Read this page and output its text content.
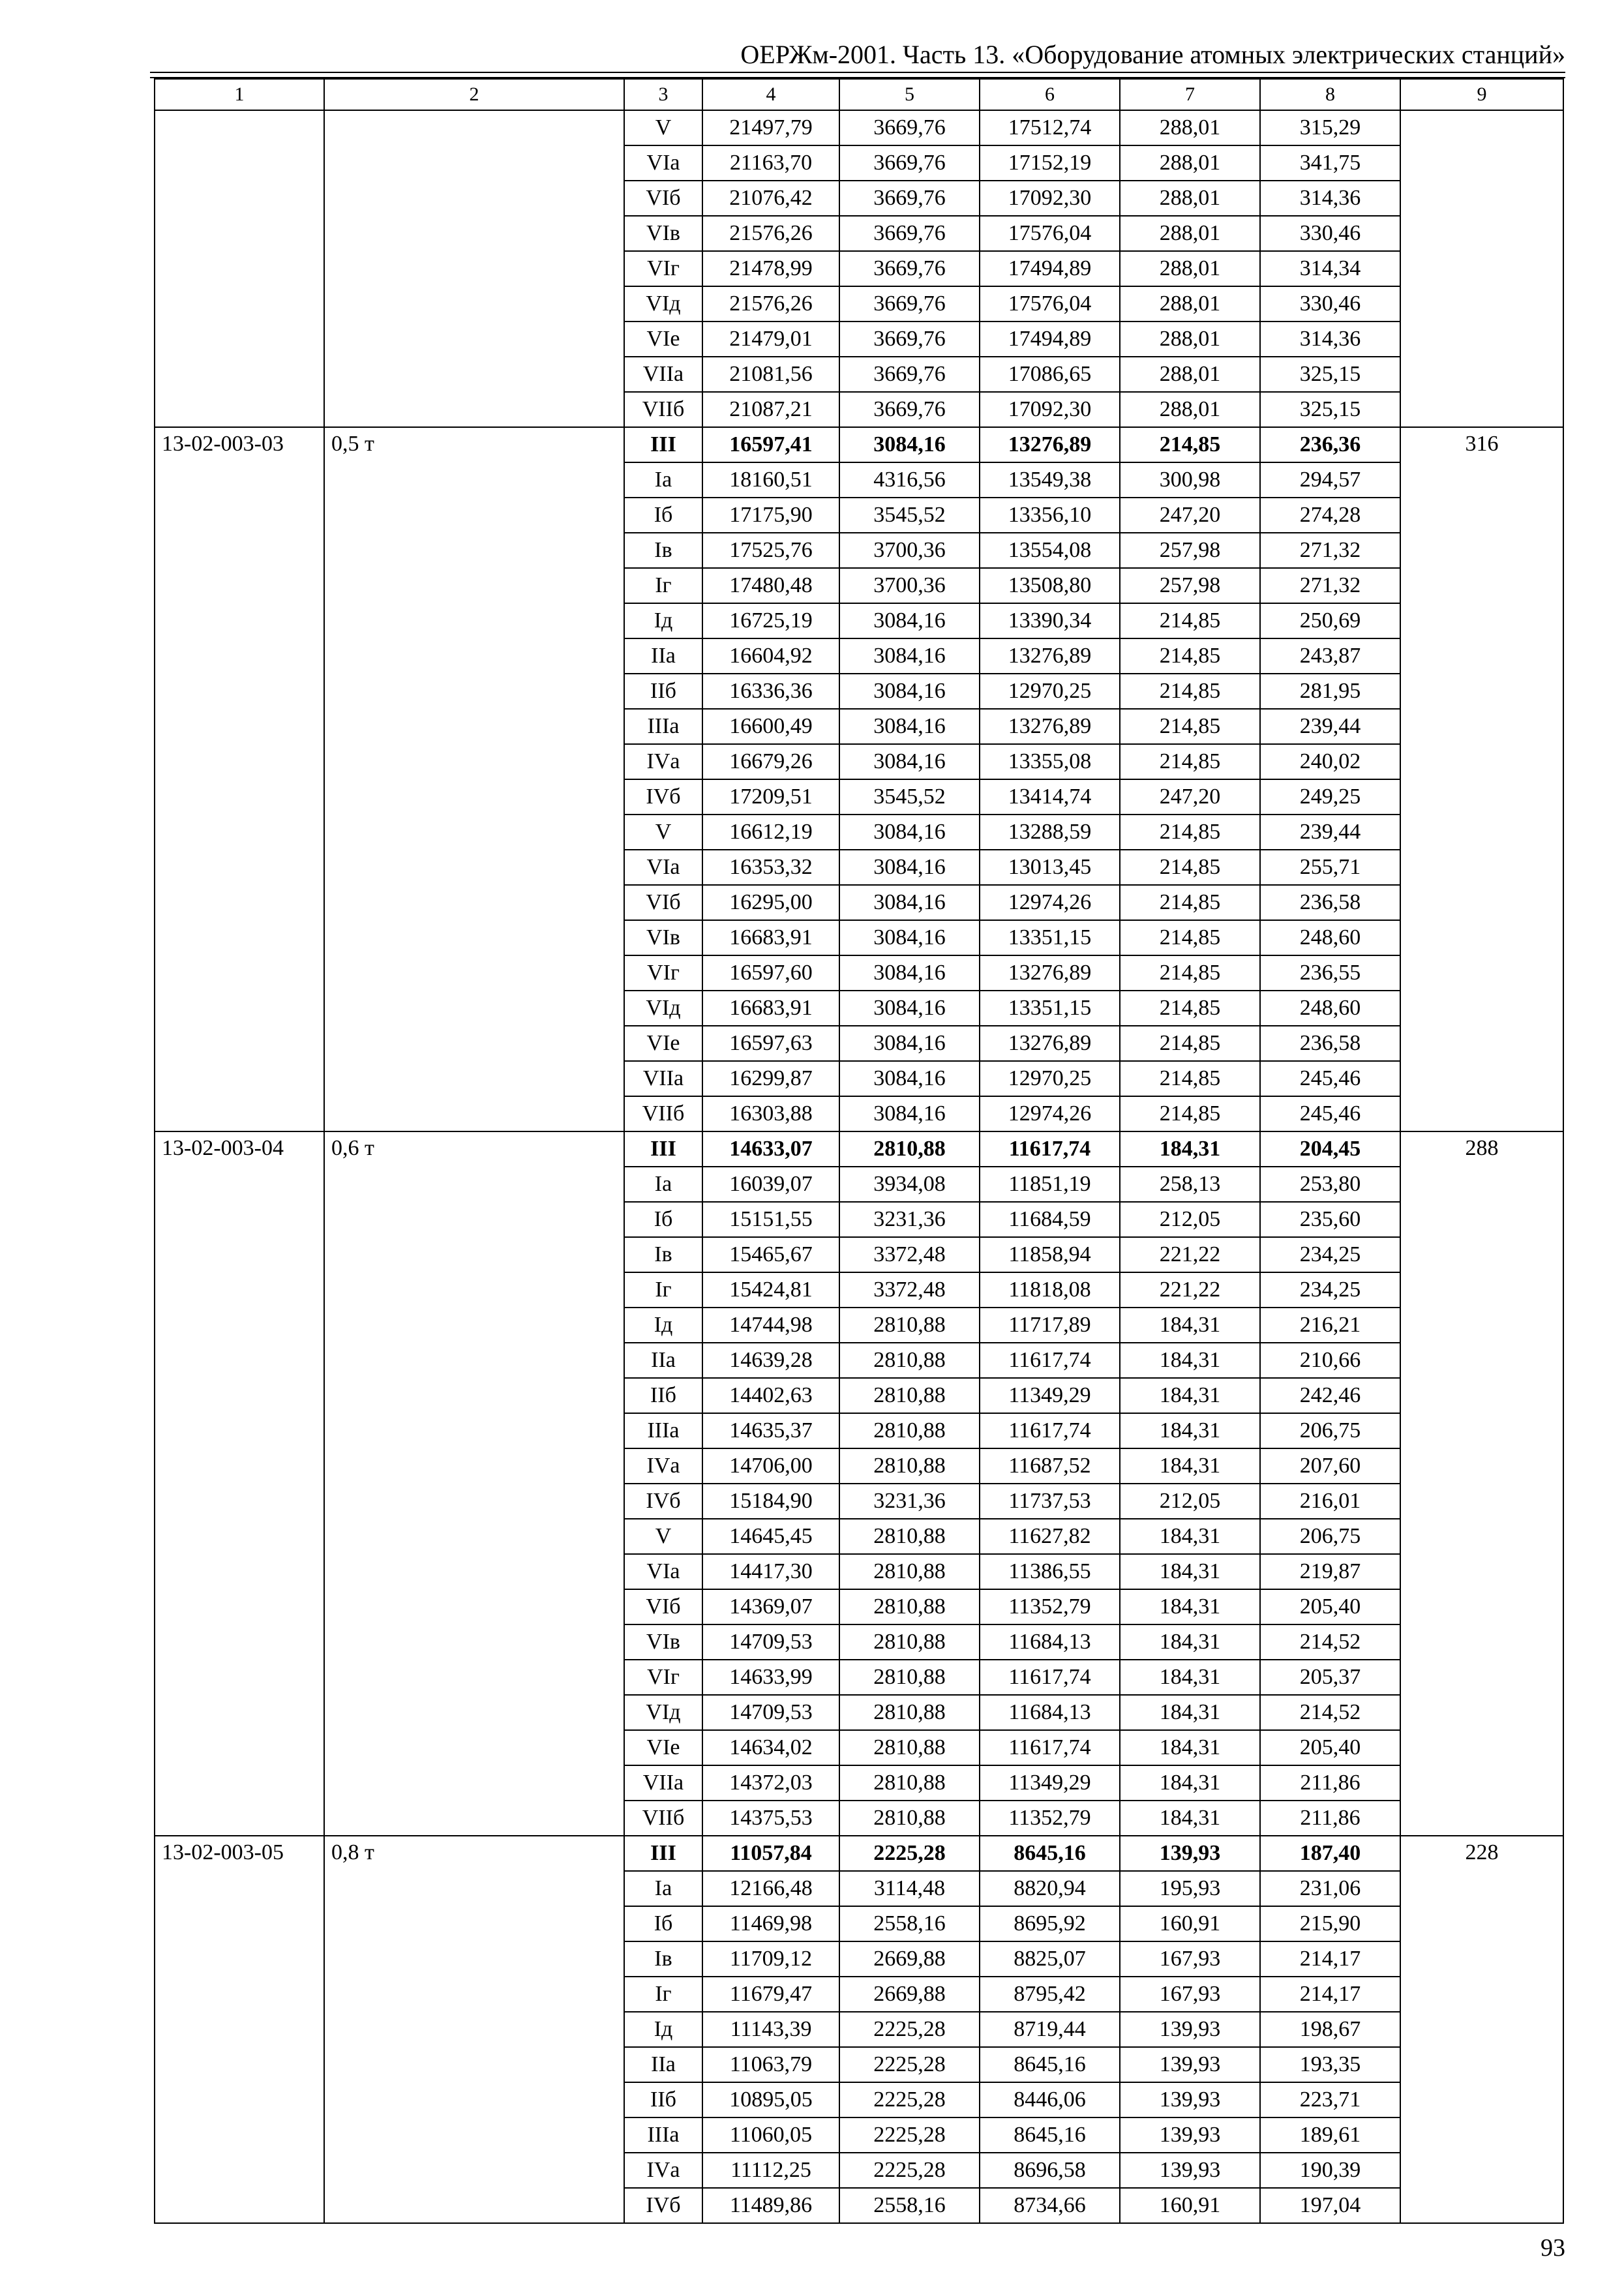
ОЕРЖм-2001. Часть 13. «Оборудование атомных электрических станций»
1	2	3	4	5	6	7	8	9
		V	21497,79	3669,76	17512,74	288,01	315,29	
		VIа	21163,70	3669,76	17152,19	288,01	341,75	
		VIб	21076,42	3669,76	17092,30	288,01	314,36	
		VIв	21576,26	3669,76	17576,04	288,01	330,46	
		VIг	21478,99	3669,76	17494,89	288,01	314,34	
		VIд	21576,26	3669,76	17576,04	288,01	330,46	
		VIе	21479,01	3669,76	17494,89	288,01	314,36	
		VIIа	21081,56	3669,76	17086,65	288,01	325,15	
		VIIб	21087,21	3669,76	17092,30	288,01	325,15	
13-02-003-03	0,5 т	III	16597,41	3084,16	13276,89	214,85	236,36	316
		Iа	18160,51	4316,56	13549,38	300,98	294,57	
		Iб	17175,90	3545,52	13356,10	247,20	274,28	
		Iв	17525,76	3700,36	13554,08	257,98	271,32	
		Iг	17480,48	3700,36	13508,80	257,98	271,32	
		Iд	16725,19	3084,16	13390,34	214,85	250,69	
		IIа	16604,92	3084,16	13276,89	214,85	243,87	
		IIб	16336,36	3084,16	12970,25	214,85	281,95	
		IIIа	16600,49	3084,16	13276,89	214,85	239,44	
		IVа	16679,26	3084,16	13355,08	214,85	240,02	
		IVб	17209,51	3545,52	13414,74	247,20	249,25	
		V	16612,19	3084,16	13288,59	214,85	239,44	
		VIа	16353,32	3084,16	13013,45	214,85	255,71	
		VIб	16295,00	3084,16	12974,26	214,85	236,58	
		VIв	16683,91	3084,16	13351,15	214,85	248,60	
		VIг	16597,60	3084,16	13276,89	214,85	236,55	
		VIд	16683,91	3084,16	13351,15	214,85	248,60	
		VIе	16597,63	3084,16	13276,89	214,85	236,58	
		VIIа	16299,87	3084,16	12970,25	214,85	245,46	
		VIIб	16303,88	3084,16	12974,26	214,85	245,46	
13-02-003-04	0,6 т	III	14633,07	2810,88	11617,74	184,31	204,45	288
		Iа	16039,07	3934,08	11851,19	258,13	253,80	
		Iб	15151,55	3231,36	11684,59	212,05	235,60	
		Iв	15465,67	3372,48	11858,94	221,22	234,25	
		Iг	15424,81	3372,48	11818,08	221,22	234,25	
		Iд	14744,98	2810,88	11717,89	184,31	216,21	
		IIа	14639,28	2810,88	11617,74	184,31	210,66	
		IIб	14402,63	2810,88	11349,29	184,31	242,46	
		IIIа	14635,37	2810,88	11617,74	184,31	206,75	
		IVа	14706,00	2810,88	11687,52	184,31	207,60	
		IVб	15184,90	3231,36	11737,53	212,05	216,01	
		V	14645,45	2810,88	11627,82	184,31	206,75	
		VIа	14417,30	2810,88	11386,55	184,31	219,87	
		VIб	14369,07	2810,88	11352,79	184,31	205,40	
		VIв	14709,53	2810,88	11684,13	184,31	214,52	
		VIг	14633,99	2810,88	11617,74	184,31	205,37	
		VIд	14709,53	2810,88	11684,13	184,31	214,52	
		VIе	14634,02	2810,88	11617,74	184,31	205,40	
		VIIа	14372,03	2810,88	11349,29	184,31	211,86	
		VIIб	14375,53	2810,88	11352,79	184,31	211,86	
13-02-003-05	0,8 т	III	11057,84	2225,28	8645,16	139,93	187,40	228
		Iа	12166,48	3114,48	8820,94	195,93	231,06	
		Iб	11469,98	2558,16	8695,92	160,91	215,90	
		Iв	11709,12	2669,88	8825,07	167,93	214,17	
		Iг	11679,47	2669,88	8795,42	167,93	214,17	
		Iд	11143,39	2225,28	8719,44	139,93	198,67	
		IIа	11063,79	2225,28	8645,16	139,93	193,35	
		IIб	10895,05	2225,28	8446,06	139,93	223,71	
		IIIа	11060,05	2225,28	8645,16	139,93	189,61	
		IVа	11112,25	2225,28	8696,58	139,93	190,39	
		IVб	11489,86	2558,16	8734,66	160,91	197,04	
93
